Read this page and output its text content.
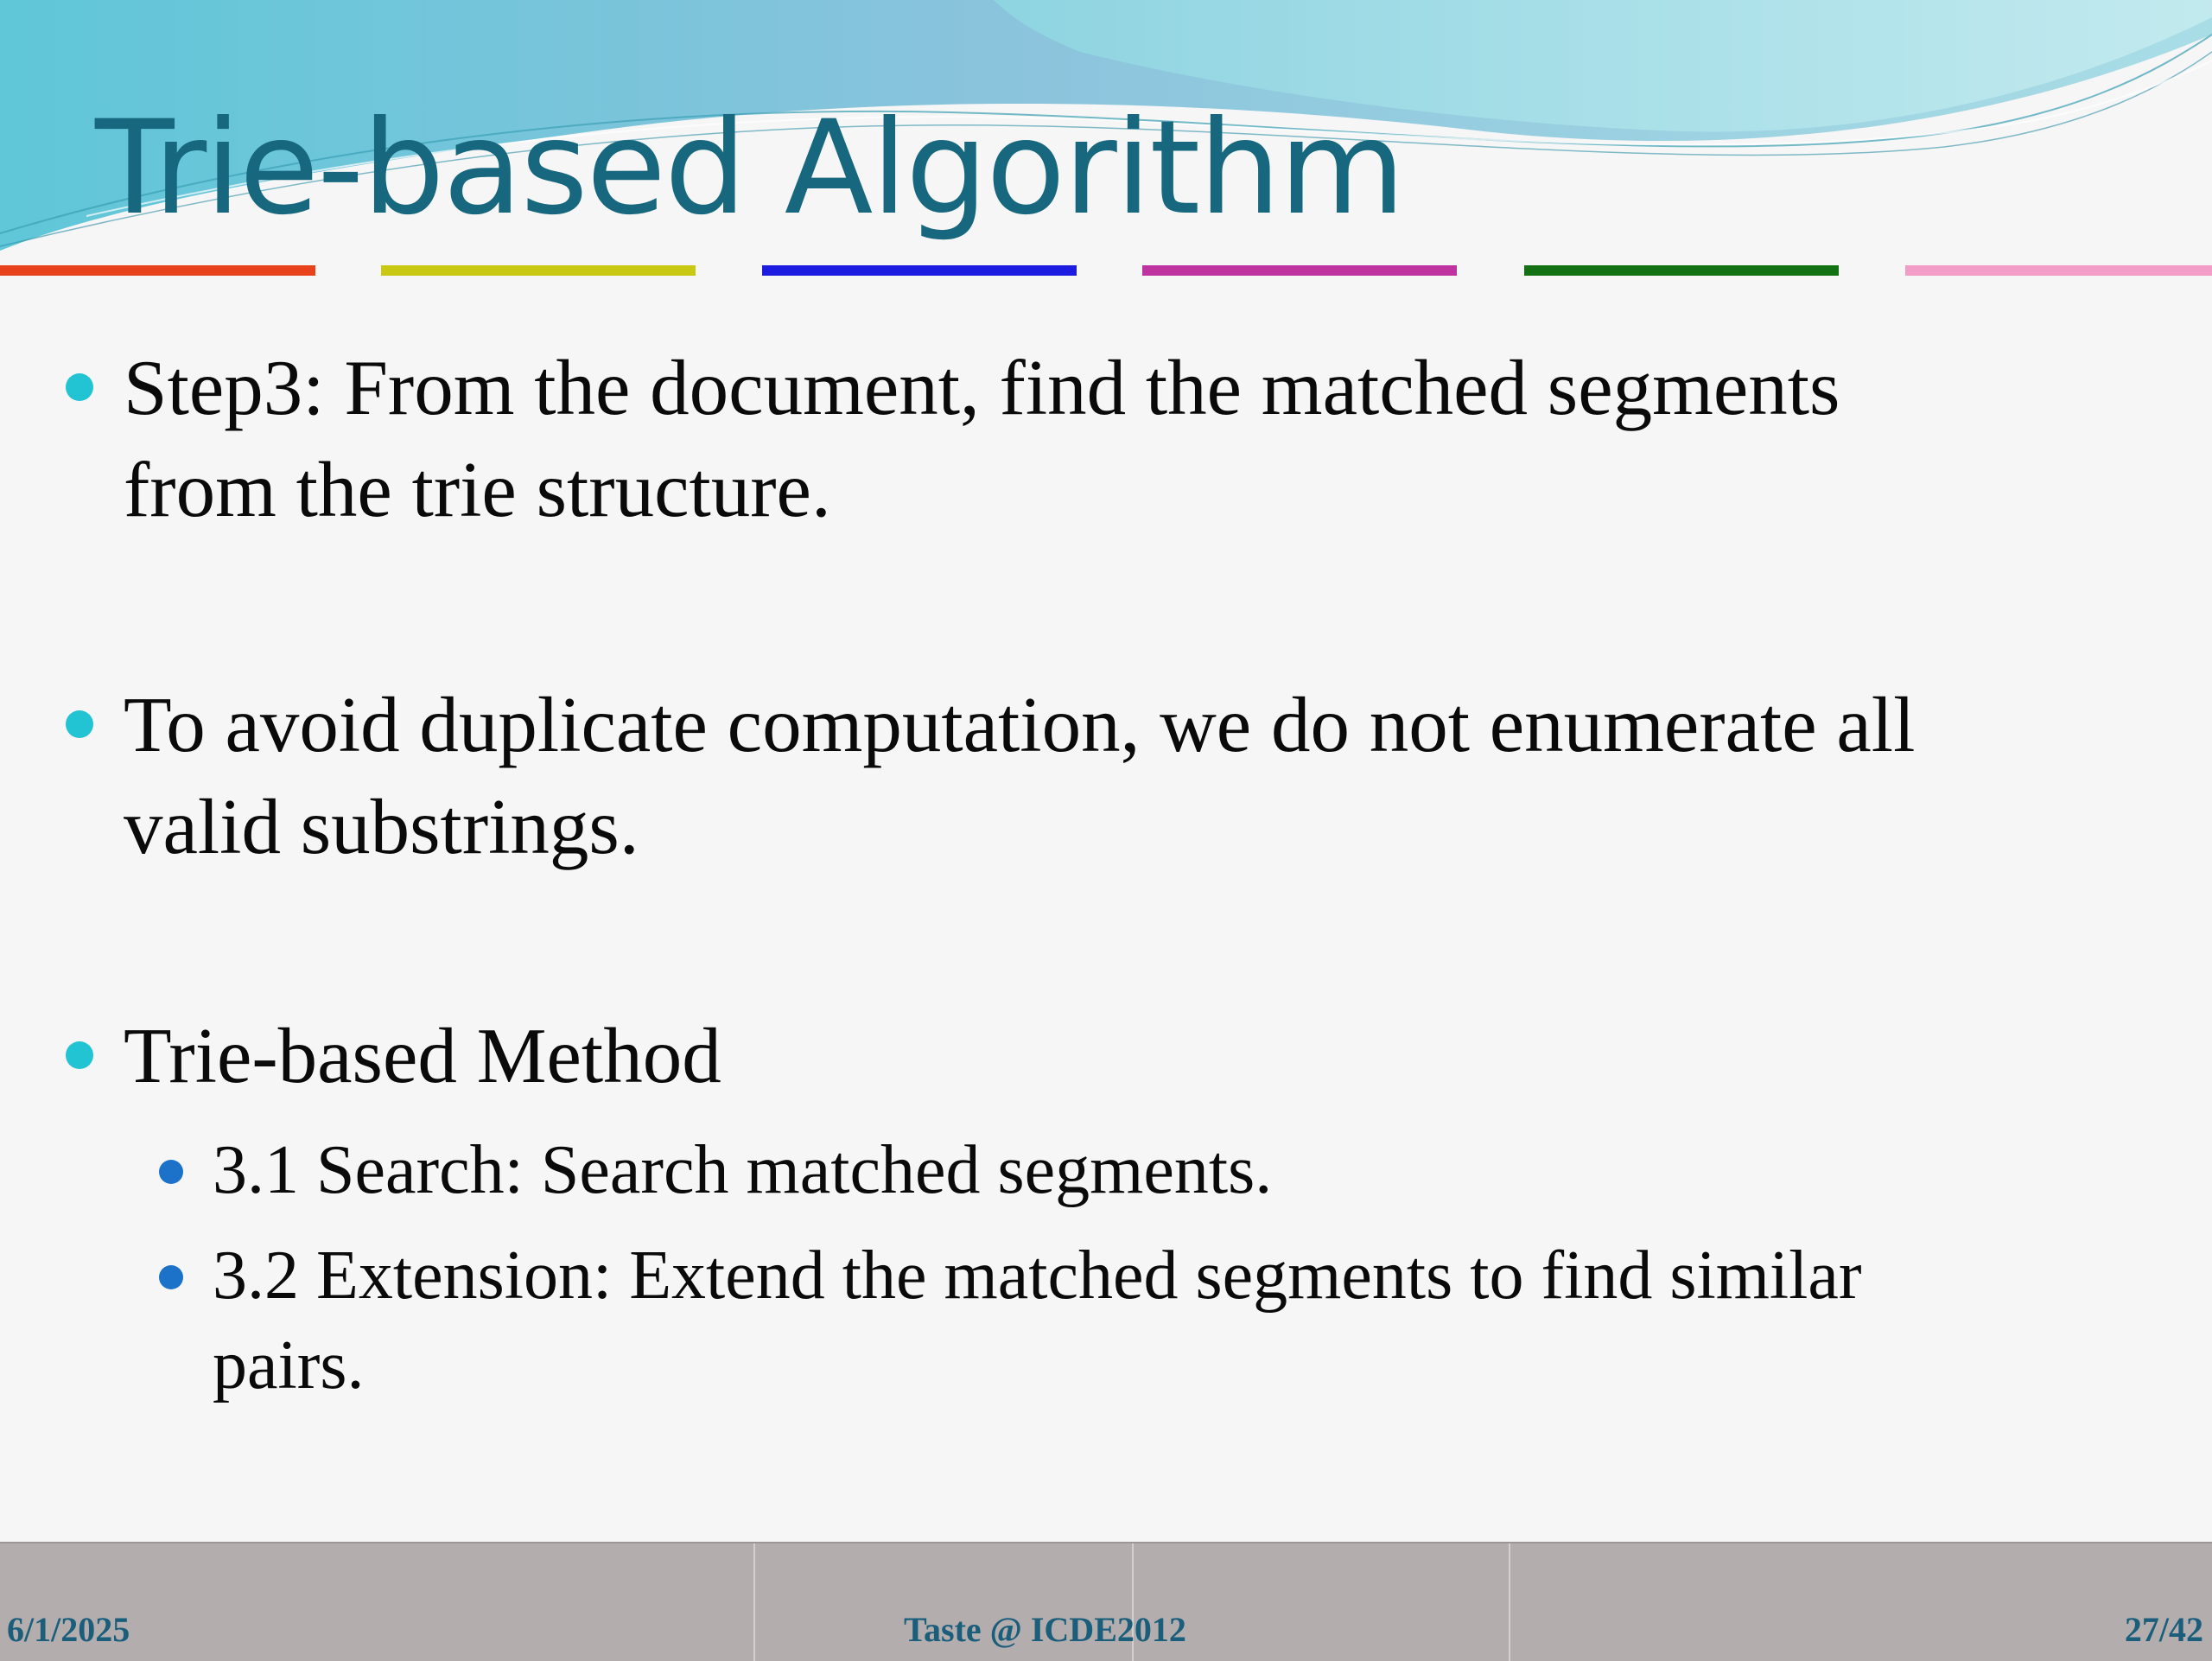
Trie-based Algorithm
Step3: From the document, find the matched segments
from the trie structure.
To avoid duplicate computation, we do not enumerate all
valid substrings.
Trie-based Method
3.1 Search: Search matched segments.
3.2 Extension: Extend the matched segments to find similar
pairs.
6/1/2025	Taste @ ICDE2012	27/42
